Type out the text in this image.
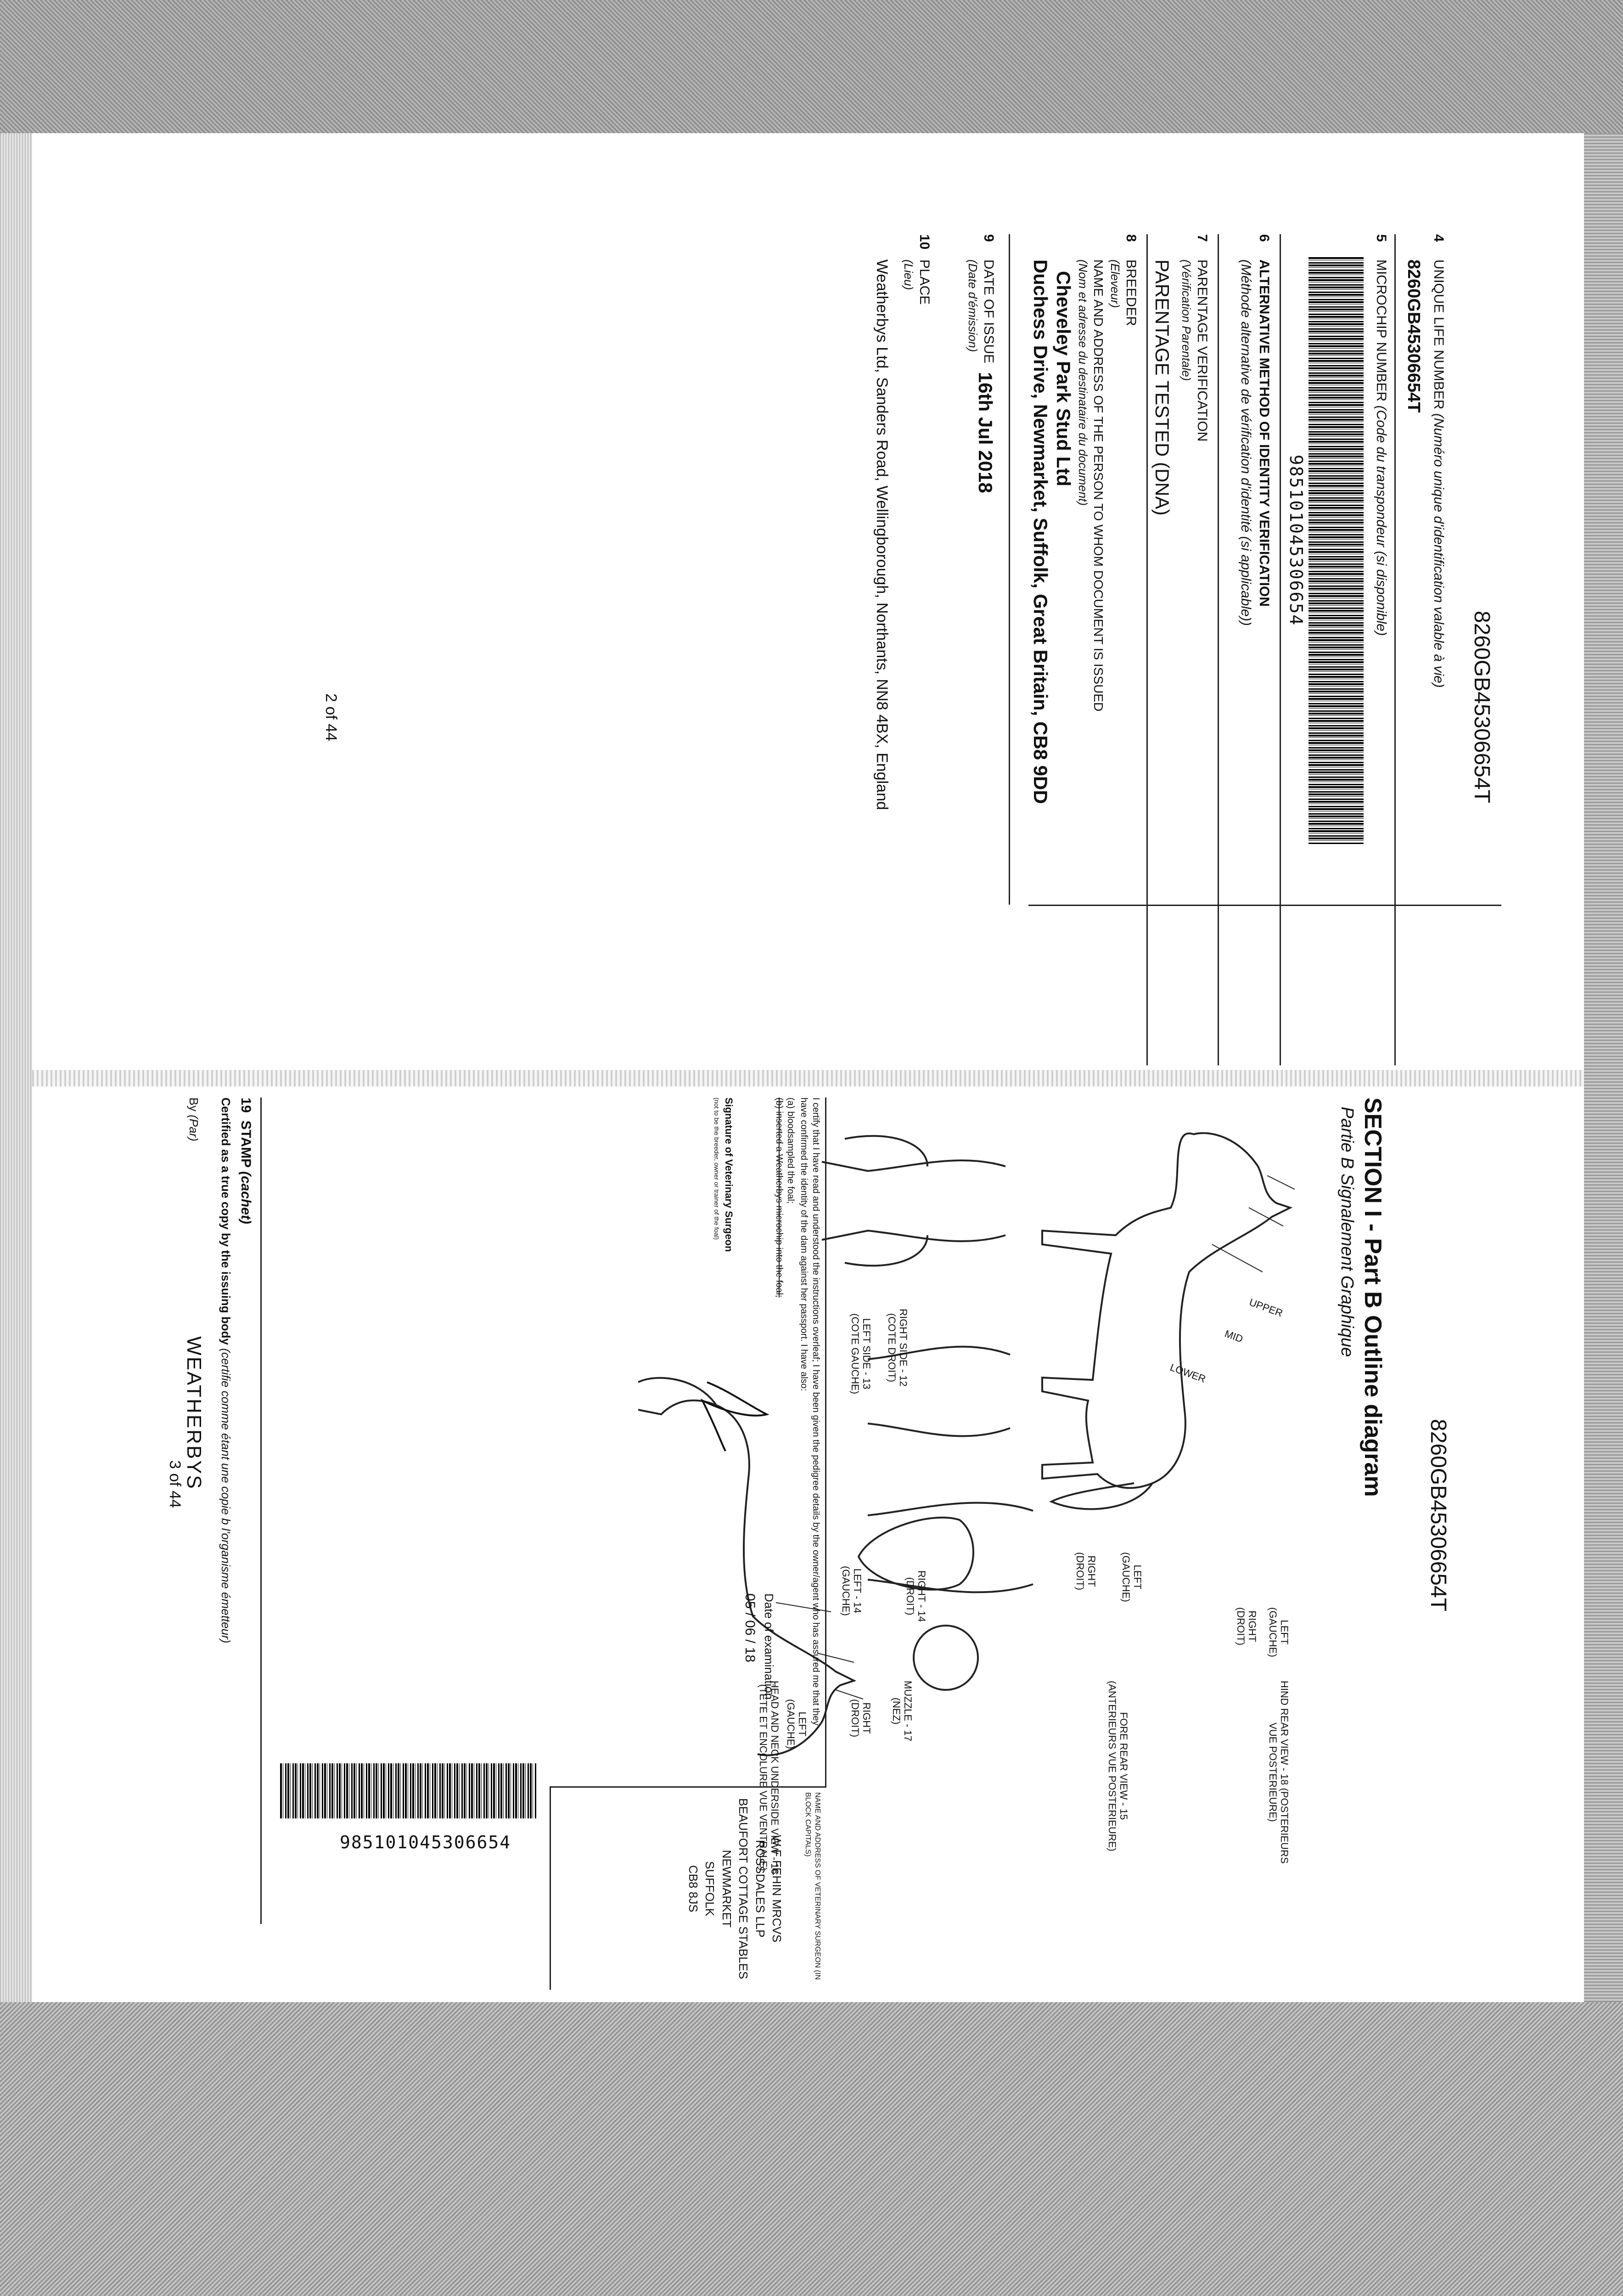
8260GB45306654T
4
UNIQUE LIFE NUMBER (Numéro unique d'identification valable à vie)
8260GB45306654T
5
MICROCHIP NUMBER (Code du transpondeur (si disponible)
985101045306654
6
ALTERNATIVE METHOD OF IDENTITY VERIFICATION
(Méthode alternative de vérification d'identité (si applicable))
7
PARENTAGE VERIFICATION
(Vérification Parentale)
PARENTAGE TESTED (DNA)
8
BREEDER
(Eleveur)
NAME AND ADDRESS OF THE PERSON TO WHOM DOCUMENT IS ISSUED
(Nom et adresse du destinataire du document)
Cheveley Park Stud Ltd
Duchess Drive, Newmarket, Suffolk, Great Britain, CB8 9DD
9
DATE OF ISSUE
(Date d'émission)
16th Jul 2018
10
PLACE
(Lieu)
Weatherbys Ltd, Sanders Road, Wellingborough, Northants, NN8 4BX, England
2 of 44
8260GB45306654T
SECTION I - Part B Outline diagram
Partie B Signalement Graphique
UPPER
MID
LOWER
RIGHT SIDE - 12
(COTE DROIT)
LEFT SIDE - 13
(COTE GAUCHE)
RIGHT - 14
(DROIT)
LEFT - 14
(GAUCHE)
RIGHT
(DROIT)
LEFT
(GAUCHE)
LEFT
(GAUCHE)
RIGHT
(DROIT)
LEFT
(GAUCHE)
RIGHT
(DROIT)
HEAD AND NECK UNDERSIDE VIEW - 16
(TETE ET ENCOLURE VUE VENTRALE)
MUZZLE - 17
(NEZ)
FORE REAR VIEW - 15
(ANTERIEURS VUE POSTERIEURE)
HIND REAR VIEW - 18 (POSTERIEURS
VUE POSTERIEURE)
I certify that I have read and understood the instructions overleaf; I have been given the pedigree details by the owner/agent who has assured me that they have confirmed the identity of the dam against her passport. I have also:
(a) bloodsampled the foal;
(b) inserted a Weatherbys microchip into the foal;
Date of examination
05 / 06 / 18
Signature of Veterinary Surgeon
(not to be the breeder, owner or trainer of the foal)
NAME AND ADDRESS OF VETERINARY SURGEON (IN BLOCK CAPITALS)
W F FEHIN MRCVS
ROSSDALES LLP
BEAUFORT COTTAGE STABLES
NEWMARKET
SUFFOLK
CB8 8JS
985101045306654
19  STAMP (cachet)
Certified as a true copy by the issuing body (certifie comme étant une copie b l'organisme émetteur)
By (Par)
WEATHERBYS
3 of 44
